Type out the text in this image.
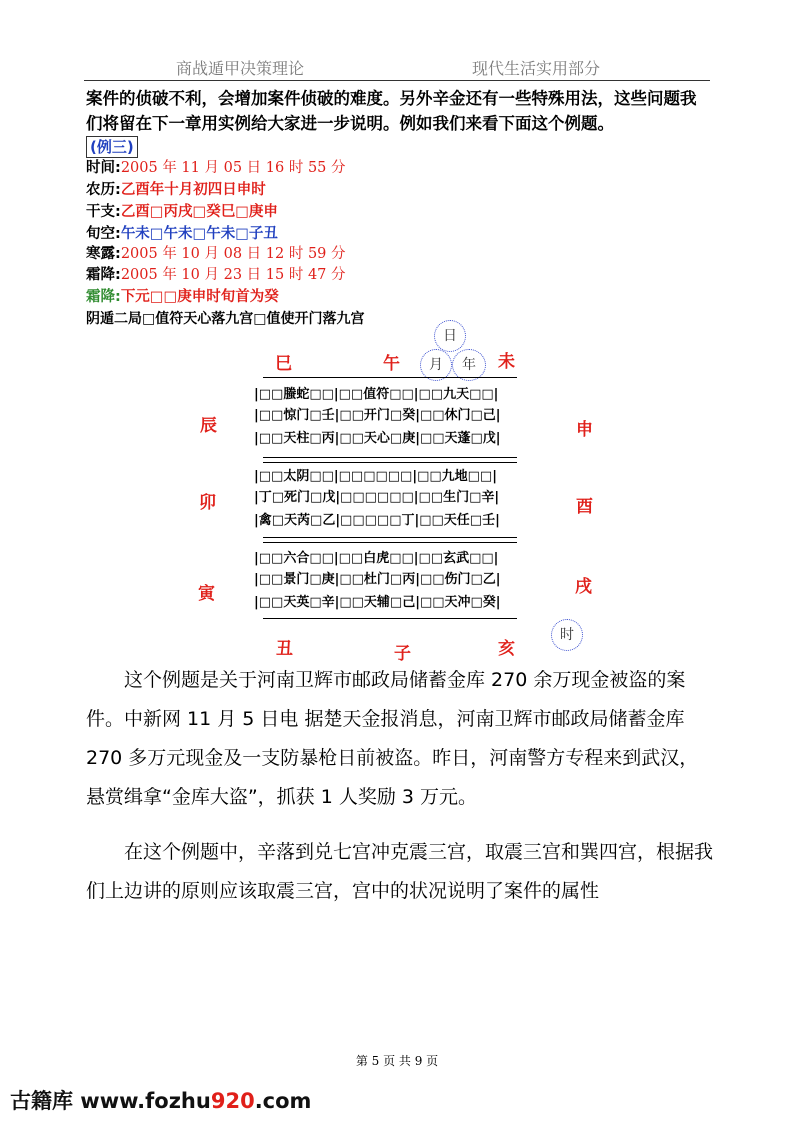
商战遁甲决策理论	现代生活实用部分
案件的侦破不利，会增加案件侦破的难度。另外辛金还有一些特殊用法，这些问题我们将留在下一章用实例给大家进一步说明。例如我们来看下面这个例题。
(例三)
时间:2005 年 11 月 05 日 16 时 55 分
农历:乙酉年十月初四日申时
干支:乙酉□丙戌□癸巳□庚申
旬空:午未□午未□午未□子丑
寒露:2005 年 10 月 08 日 12 时 59 分
霜降:2005 年 10 月 23 日 15 时 47 分
霜降:下元□□庚申时旬首为癸
阴遁二局□值符天心落九宫□值使开门落九宫
日
月	年
时
巳	午	未
辰	申
卯	酉
寅	戌
丑	子	亥
|□□螣蛇□□|□□值符□□|□□九天□□|
|□□惊门□壬|□□开门□癸|□□休门□己|
|□□天柱□丙|□□天心□庚|□□天蓬□戊|
|□□太阴□□|□□□□□□|□□九地□□|
|丁□死门□戊|□□□□□□|□□生门□辛|
|禽□天芮□乙|□□□□□丁|□□天任□壬|
|□□六合□□|□□白虎□□|□□玄武□□|
|□□景门□庚|□□杜门□丙|□□伤门□乙|
|□□天英□辛|□□天辅□己|□□天冲□癸|
这个例题是关于河南卫辉市邮政局储蓄金库 270 余万现金被盗的案件。中新网 11 月 5 日电 据楚天金报消息，河南卫辉市邮政局储蓄金库 270 多万元现金及一支防暴枪日前被盗。昨日，河南警方专程来到武汉，悬赏缉拿“金库大盗”，抓获 1 人奖励 3 万元。
在这个例题中，辛落到兑七宫冲克震三宫，取震三宫和巽四宫，根据我们上边讲的原则应该取震三宫，宫中的状况说明了案件的属性
第 5 页 共 9 页
古籍库 www.fozhu920.com
